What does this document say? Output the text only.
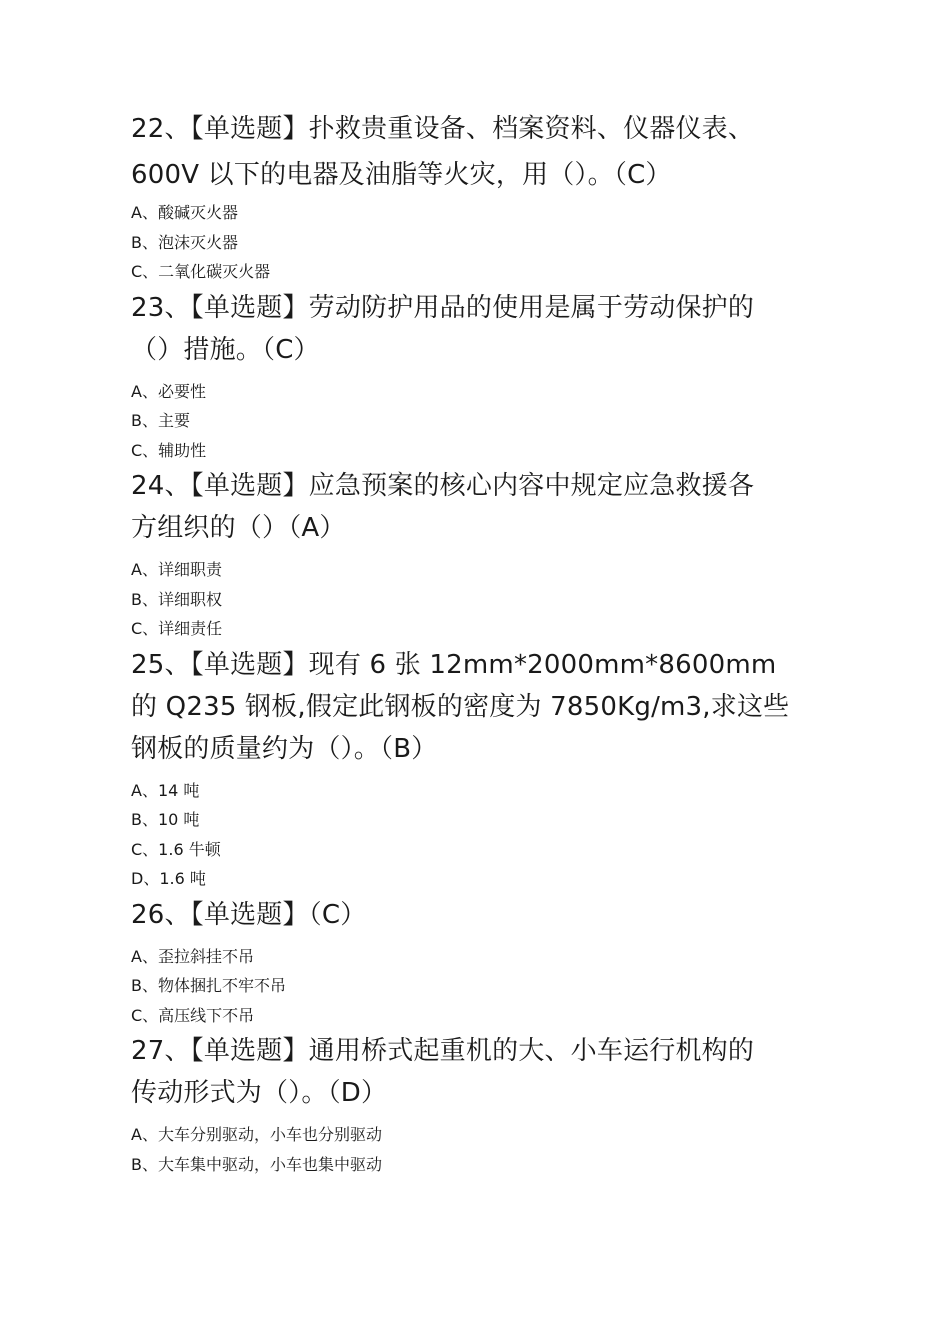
22、【单选题】扑救贵重设备、档案资料、仪器仪表、

600V 以下的电器及油脂等火灾，用（）。（C）

A、酸碱灭火器

B、泡沫灭火器

C、二氧化碳灭火器

23、【单选题】劳动防护用品的使用是属于劳动保护的

（）措施。（C）

A、必要性

B、主要

C、辅助性

24、【单选题】应急预案的核心内容中规定应急救援各

方组织的（）（A）

A、详细职责

B、详细职权

C、详细责任

25、【单选题】现有 6 张 12mm*2000mm*8600mm

的 Q235 钢板,假定此钢板的密度为 7850Kg/m3,求这些

钢板的质量约为（）。（B）

A、14 吨

B、10 吨

C、1.6 牛顿

D、1.6 吨

26、【单选题】（C）

A、歪拉斜挂不吊

B、物体捆扎不牢不吊

C、高压线下不吊

27、【单选题】通用桥式起重机的大、小车运行机构的

传动形式为（）。（D）

A、大车分别驱动，小车也分别驱动

B、大车集中驱动，小车也集中驱动
